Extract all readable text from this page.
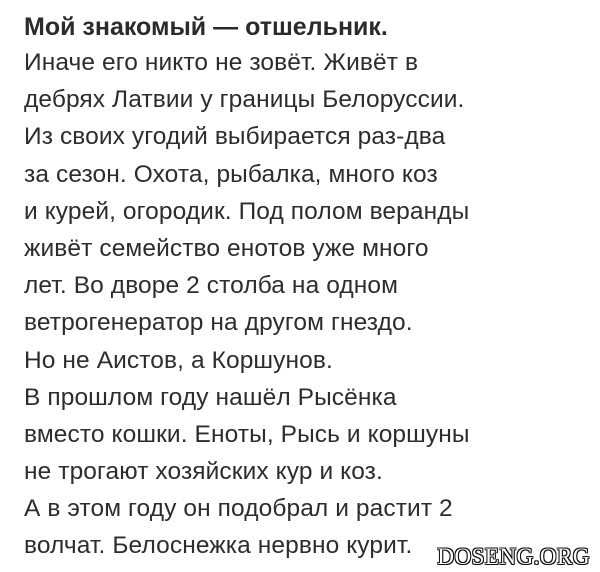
Мой знакомый — отшельник.
Иначе его никто не зовёт. Живёт в
дебрях Латвии у границы Белоруссии.
Из своих угодий выбирается раз-два
за сезон. Охота, рыбалка, много коз
и курей, огородик. Под полом веранды
живёт семейство енотов уже много
лет. Во дворе 2 столба на одном
ветрогенератор на другом гнездо.
Но не Аистов, а Коршунов.
В прошлом году нашёл Рысёнка
вместо кошки. Еноты, Рысь и коршуны
не трогают хозяйских кур и коз.
А в этом году он подобрал и растит 2
волчат. Белоснежка нервно курит.	DOSENG.ORG
